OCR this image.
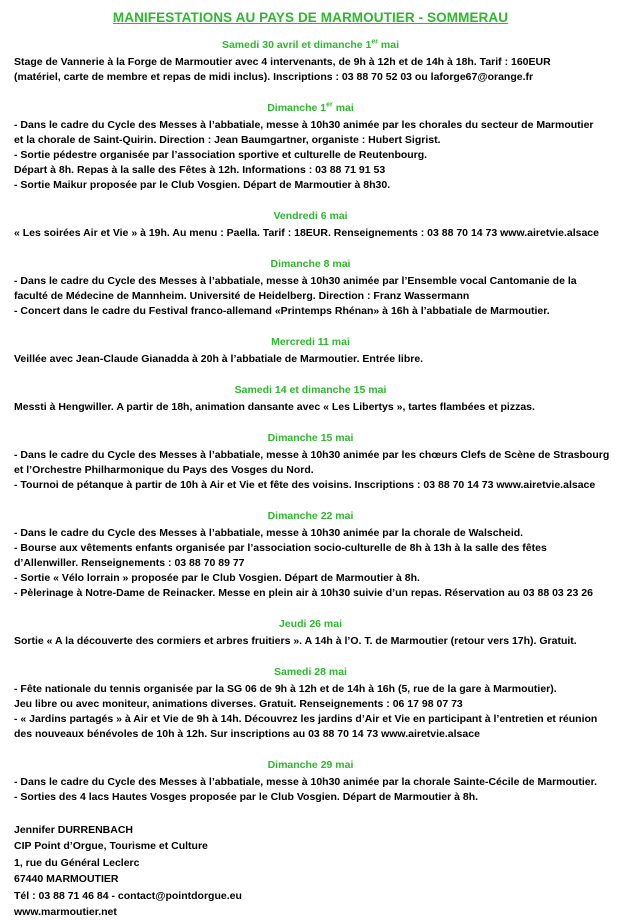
MANIFESTATIONS AU PAYS DE MARMOUTIER - SOMMERAU
Samedi 30 avril et dimanche 1er mai
Stage de Vannerie à la Forge de Marmoutier avec 4 intervenants, de 9h à 12h et de 14h à 18h. Tarif : 160EUR
(matériel, carte de membre et repas de midi inclus). Inscriptions : 03 88 70 52 03 ou laforge67@orange.fr
Dimanche 1er mai
- Dans le cadre du Cycle des Messes à l’abbatiale, messe à 10h30 animée par les chorales du secteur de Marmoutier
et la chorale de Saint-Quirin. Direction : Jean Baumgartner, organiste : Hubert Sigrist.
- Sortie pédestre organisée par l’association sportive et culturelle de Reutenbourg.
Départ à 8h. Repas à la salle des Fêtes à 12h. Informations : 03 88 71 91 53
- Sortie Maikur proposée par le Club Vosgien. Départ de Marmoutier à 8h30.
Vendredi 6 mai
« Les soirées Air et Vie » à 19h. Au menu : Paella. Tarif : 18EUR. Renseignements : 03 88 70 14 73 www.airetvie.alsace
Dimanche 8 mai
- Dans le cadre du Cycle des Messes à l’abbatiale, messe à 10h30 animée par l’Ensemble vocal Cantomanie de la
faculté de Médecine de Mannheim. Université de Heidelberg. Direction : Franz Wassermann
- Concert dans le cadre du Festival franco-allemand «Printemps Rhénan» à 16h à l’abbatiale de Marmoutier.
Mercredi 11 mai
Veillée avec Jean-Claude Gianadda à 20h à l’abbatiale de Marmoutier. Entrée libre.
Samedi 14 et dimanche 15 mai
Messti à Hengwiller. A partir de 18h, animation dansante avec « Les Libertys », tartes flambées et pizzas.
Dimanche 15 mai
- Dans le cadre du Cycle des Messes à l’abbatiale, messe à 10h30 animée par les chœurs Clefs de Scène de Strasbourg
et l’Orchestre Philharmonique du Pays des Vosges du Nord.
- Tournoi de pétanque à partir de 10h à Air et Vie et fête des voisins. Inscriptions : 03 88 70 14 73 www.airetvie.alsace
Dimanche 22 mai
- Dans le cadre du Cycle des Messes à l’abbatiale, messe à 10h30 animée par la chorale de Walscheid.
- Bourse aux vêtements enfants organisée par l’association socio-culturelle de 8h à 13h à la salle des fêtes
d’Allenwiller. Renseignements : 03 88 70 89 77
- Sortie « Vélo lorrain » proposée par le Club Vosgien. Départ de Marmoutier à 8h.
- Pèlerinage à Notre-Dame de Reinacker. Messe en plein air à 10h30 suivie d’un repas. Réservation au 03 88 03 23 26
Jeudi 26 mai
Sortie « A la découverte des cormiers et arbres fruitiers ». A 14h à l’O. T. de Marmoutier (retour vers 17h). Gratuit.
Samedi 28 mai
- Fête nationale du tennis organisée par la SG 06 de 9h à 12h et de 14h à 16h (5, rue de la gare à Marmoutier).
Jeu libre ou avec moniteur, animations diverses. Gratuit. Renseignements : 06 17 98 07 73
- « Jardins partagés » à Air et Vie de 9h à 14h. Découvrez les jardins d’Air et Vie en participant à l’entretien et réunion
des nouveaux bénévoles de 10h à 12h. Sur inscriptions au 03 88 70 14 73 www.airetvie.alsace
Dimanche 29 mai
- Dans le cadre du Cycle des Messes à l’abbatiale, messe à 10h30 animée par la chorale Sainte-Cécile de Marmoutier.
- Sorties des 4 lacs Hautes Vosges proposée par le Club Vosgien. Départ de Marmoutier à 8h.
Jennifer DURRENBACH
CIP Point d’Orgue, Tourisme et Culture
1, rue du Général Leclerc
67440 MARMOUTIER
Tél : 03 88 71 46 84 - contact@pointdorgue.eu
www.marmoutier.net
